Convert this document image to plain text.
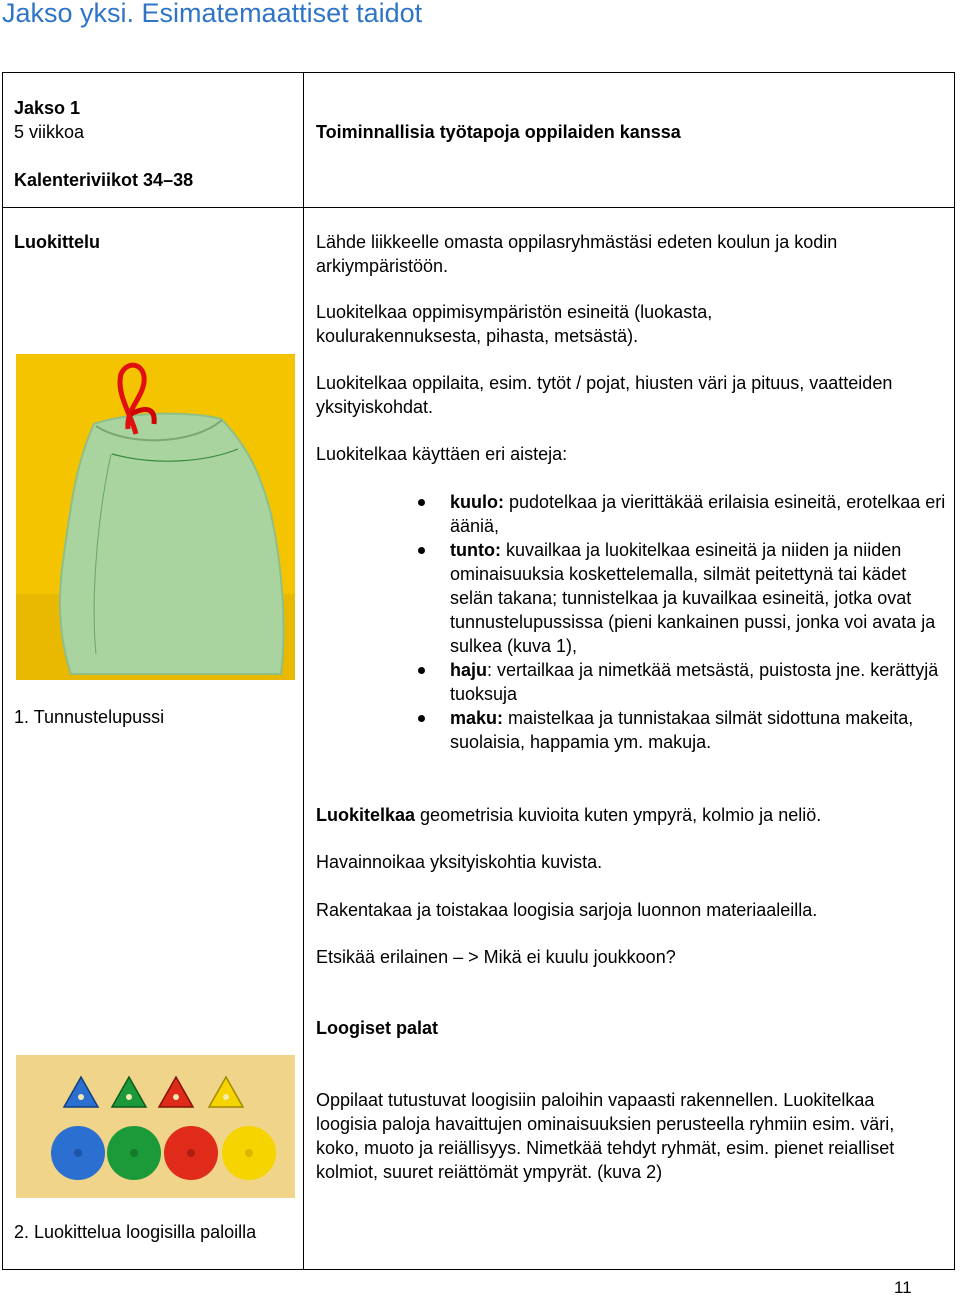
Jakso yksi. Esimatemaattiset taidot
Jakso 1
5 viikkoa
Kalenteriviikot 34–38
Toiminnallisia työtapoja oppilaiden kanssa
Luokittelu	Lähde liikkeelle omasta oppilasryhmästäsi edeten koulun ja kodin arkiympäristöön.
Luokitelkaa oppimisympäristön esineitä (luokasta, koulurakennuksesta, pihasta, metsästä).
Luokitelkaa oppilaita, esim. tytöt / pojat, hiusten väri ja pituus, vaatteiden yksityiskohdat.
Luokitelkaa käyttäen eri aisteja:
kuulo: pudotelkaa ja vierittäkää erilaisia esineitä, erotelkaa eri ääniä,
tunto: kuvailkaa ja luokitelkaa esineitä ja niiden ja niiden ominaisuuksia koskettelemalla, silmät peitettynä tai kädet selän takana; tunnistelkaa ja kuvailkaa esineitä, jotka ovat tunnustelupussissa (pieni kankainen pussi, jonka voi avata ja sulkea (kuva 1),
haju: vertailkaa ja nimetkää metsästä, puistosta jne. kerättyjä tuoksuja
maku: maistelkaa ja tunnistakaa silmät sidottuna makeita, suolaisia, happamia ym. makuja.
Luokitelkaa geometrisia kuvioita kuten ympyrä, kolmio ja neliö.
Havainnoikaa yksityiskohtia kuvista.
Rakentakaa ja toistakaa loogisia sarjoja luonnon materiaaleilla.
Etsikää erilainen – > Mikä ei kuulu joukkoon?
1. Tunnustelupussi
Loogiset palat
Oppilaat tutustuvat loogisiin paloihin vapaasti rakennellen. Luokitelkaa loogisia paloja havaittujen ominaisuuksien perusteella ryhmiin esim. väri, koko, muoto ja reiällisyys. Nimetkää tehdyt ryhmät, esim. pienet reialliset kolmiot, suuret reiättömät ympyrät. (kuva 2)
2. Luokittelua loogisilla paloilla
11
